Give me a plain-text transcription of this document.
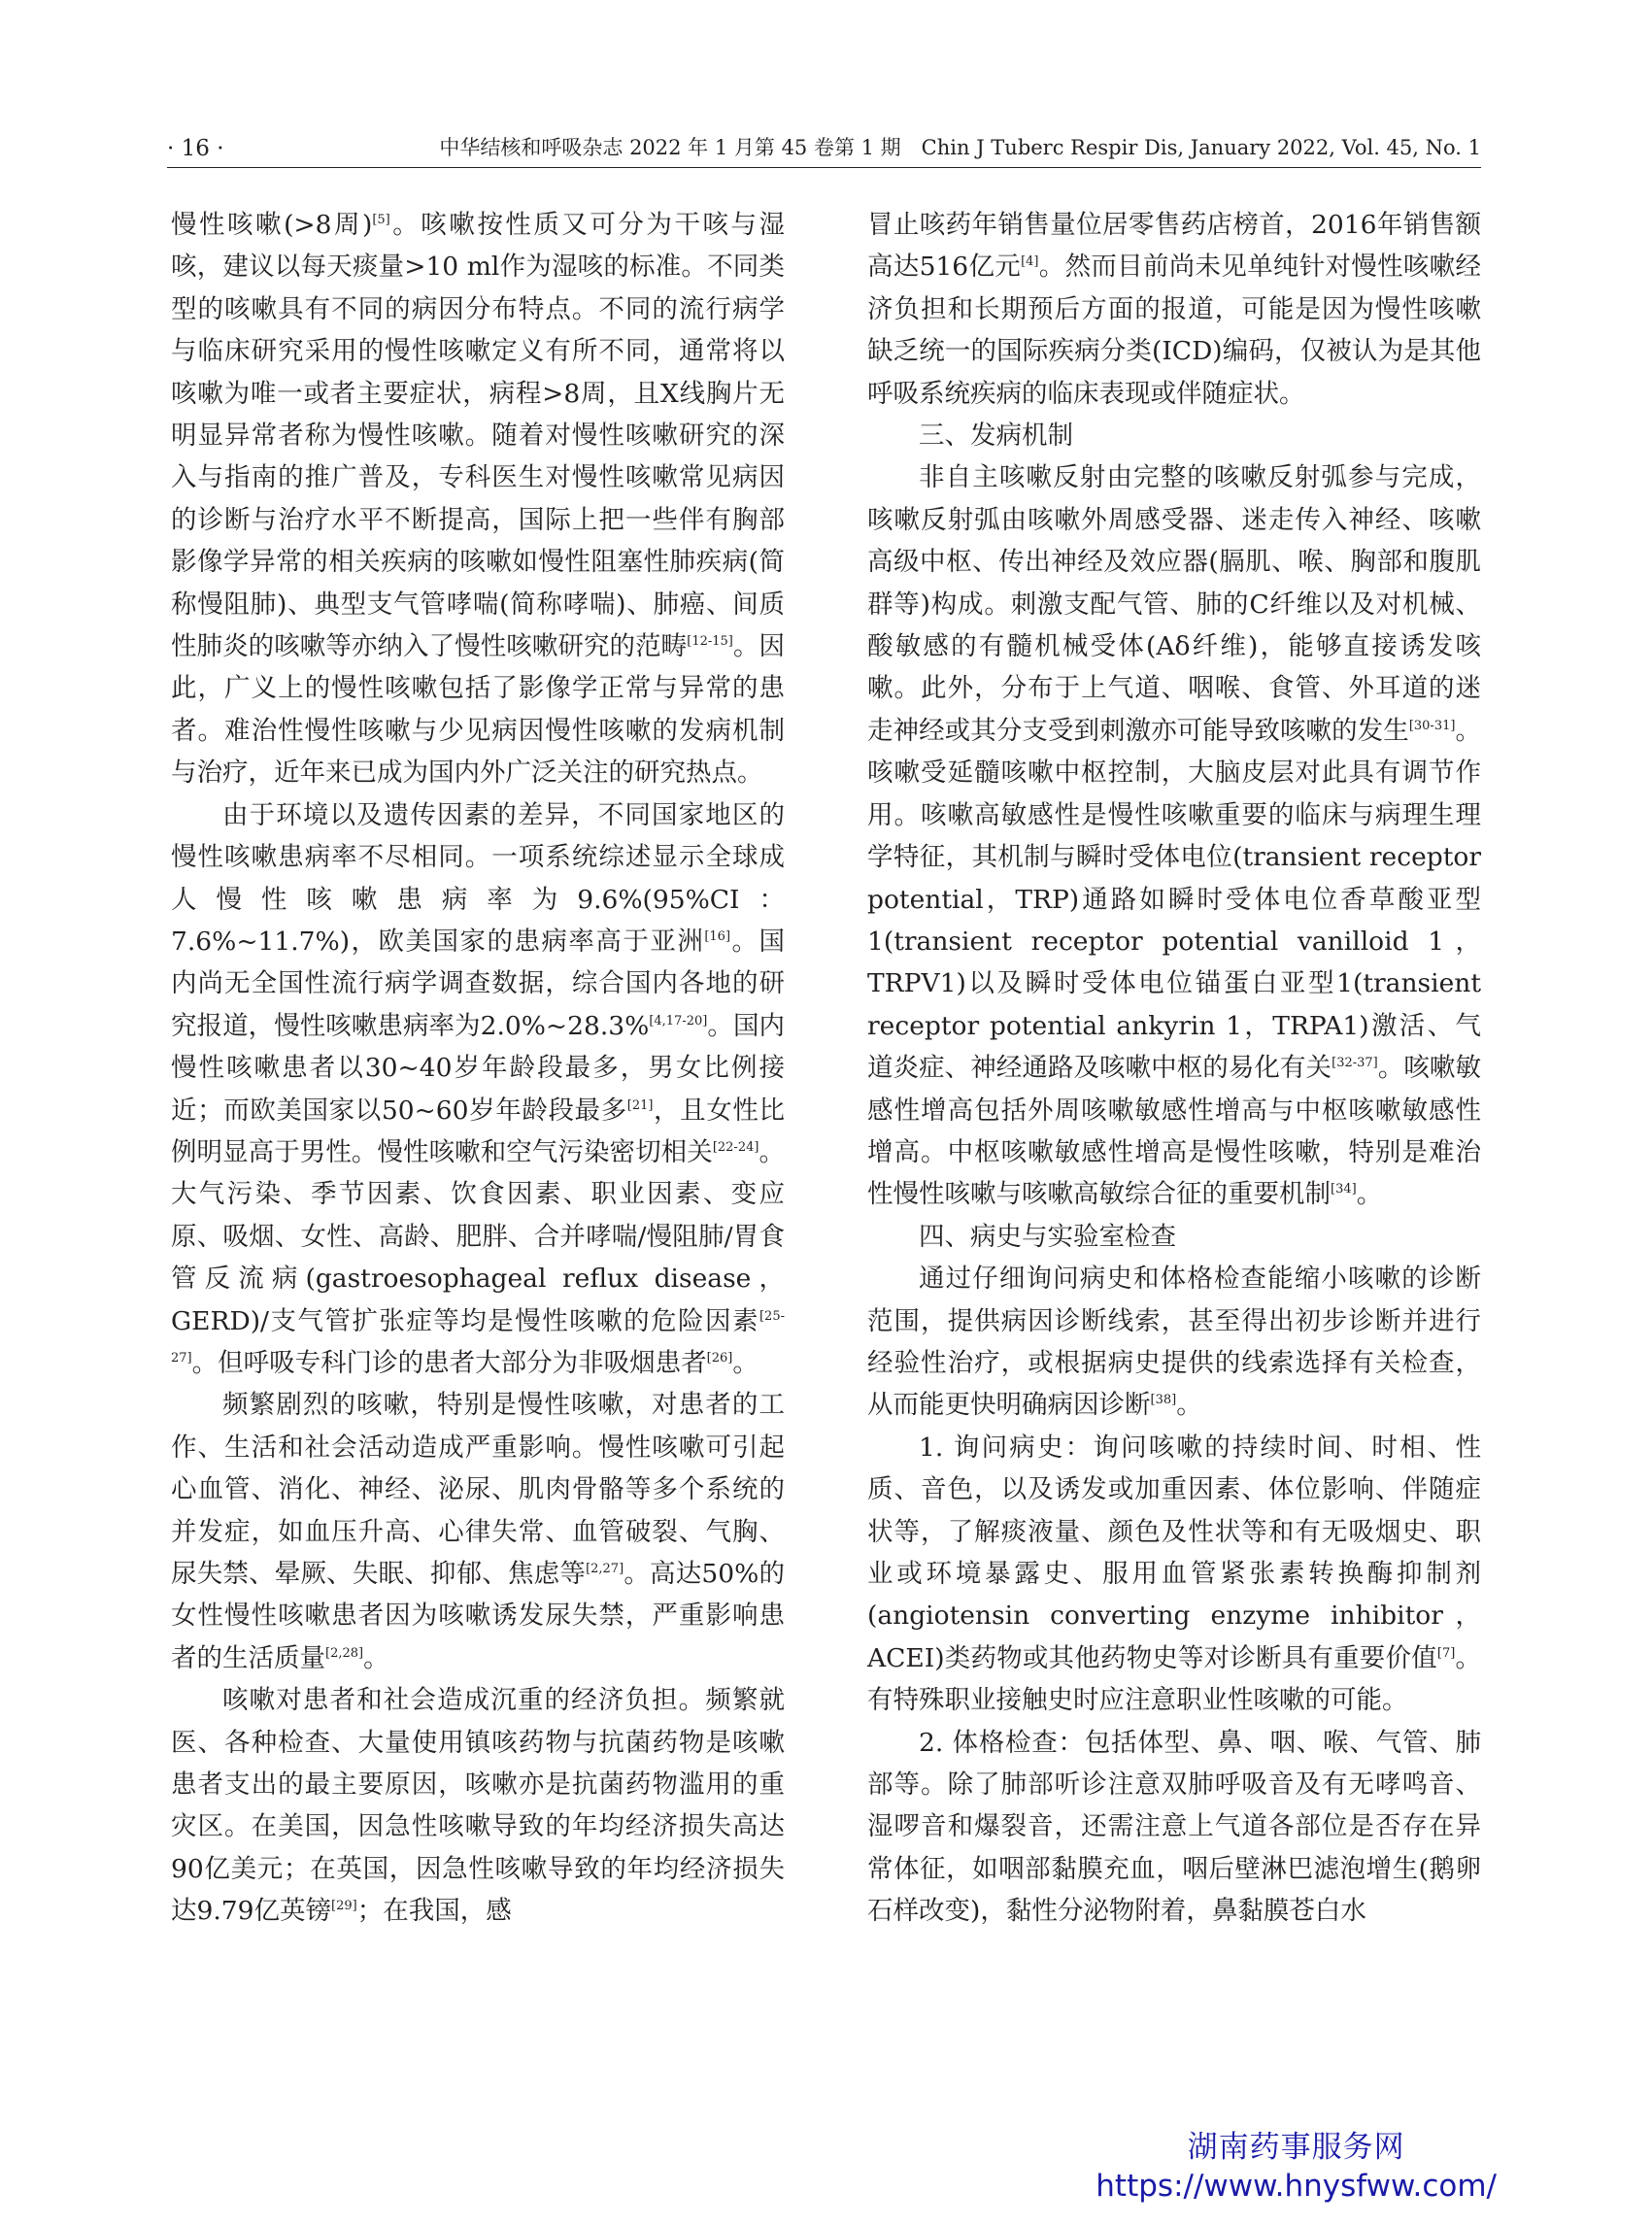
· 16 ·	中华结核和呼吸杂志 2022 年 1 月第 45 卷第 1 期　Chin J Tuberc Respir Dis, January 2022, Vol. 45, No. 1

慢性咳嗽(>8周)[5]。咳嗽按性质又可分为干咳与湿咳，建议以每天痰量>10 ml作为湿咳的标准。不同类型的咳嗽具有不同的病因分布特点。不同的流行病学与临床研究采用的慢性咳嗽定义有所不同，通常将以咳嗽为唯一或者主要症状，病程>8周，且X线胸片无明显异常者称为慢性咳嗽。随着对慢性咳嗽研究的深入与指南的推广普及，专科医生对慢性咳嗽常见病因的诊断与治疗水平不断提高，国际上把一些伴有胸部影像学异常的相关疾病的咳嗽如慢性阻塞性肺疾病(简称慢阻肺)、典型支气管哮喘(简称哮喘)、肺癌、间质性肺炎的咳嗽等亦纳入了慢性咳嗽研究的范畴[12-15]。因此，广义上的慢性咳嗽包括了影像学正常与异常的患者。难治性慢性咳嗽与少见病因慢性咳嗽的发病机制与治疗，近年来已成为国内外广泛关注的研究热点。

由于环境以及遗传因素的差异，不同国家地区的慢性咳嗽患病率不尽相同。一项系统综述显示全球成人慢性咳嗽患病率为9.6%(95%CI：7.6%~11.7%)，欧美国家的患病率高于亚洲[16]。国内尚无全国性流行病学调查数据，综合国内各地的研究报道，慢性咳嗽患病率为2.0%~28.3%[4,17-20]。国内慢性咳嗽患者以30~40岁年龄段最多，男女比例接近；而欧美国家以50~60岁年龄段最多[21]，且女性比例明显高于男性。慢性咳嗽和空气污染密切相关[22-24]。大气污染、季节因素、饮食因素、职业因素、变应原、吸烟、女性、高龄、肥胖、合并哮喘/慢阻肺/胃食管反流病(gastroesophageal reflux disease，GERD)/支气管扩张症等均是慢性咳嗽的危险因素[25-27]。但呼吸专科门诊的患者大部分为非吸烟患者[26]。

频繁剧烈的咳嗽，特别是慢性咳嗽，对患者的工作、生活和社会活动造成严重影响。慢性咳嗽可引起心血管、消化、神经、泌尿、肌肉骨骼等多个系统的并发症，如血压升高、心律失常、血管破裂、气胸、尿失禁、晕厥、失眠、抑郁、焦虑等[2,27]。高达50%的女性慢性咳嗽患者因为咳嗽诱发尿失禁，严重影响患者的生活质量[2,28]。

咳嗽对患者和社会造成沉重的经济负担。频繁就医、各种检查、大量使用镇咳药物与抗菌药物是咳嗽患者支出的最主要原因，咳嗽亦是抗菌药物滥用的重灾区。在美国，因急性咳嗽导致的年均经济损失高达90亿美元；在英国，因急性咳嗽导致的年均经济损失达9.79亿英镑[29]；在我国，感

冒止咳药年销售量位居零售药店榜首，2016年销售额高达516亿元[4]。然而目前尚未见单纯针对慢性咳嗽经济负担和长期预后方面的报道，可能是因为慢性咳嗽缺乏统一的国际疾病分类(ICD)编码，仅被认为是其他呼吸系统疾病的临床表现或伴随症状。

三、发病机制

非自主咳嗽反射由完整的咳嗽反射弧参与完成，咳嗽反射弧由咳嗽外周感受器、迷走传入神经、咳嗽高级中枢、传出神经及效应器(膈肌、喉、胸部和腹肌群等)构成。刺激支配气管、肺的C纤维以及对机械、酸敏感的有髓机械受体(Aδ纤维)，能够直接诱发咳嗽。此外，分布于上气道、咽喉、食管、外耳道的迷走神经或其分支受到刺激亦可能导致咳嗽的发生[30-31]。咳嗽受延髓咳嗽中枢控制，大脑皮层对此具有调节作用。咳嗽高敏感性是慢性咳嗽重要的临床与病理生理学特征，其机制与瞬时受体电位(transient receptor potential，TRP)通路如瞬时受体电位香草酸亚型1(transient receptor potential vanilloid 1，TRPV1)以及瞬时受体电位锚蛋白亚型1(transient receptor potential ankyrin 1，TRPA1)激活、气道炎症、神经通路及咳嗽中枢的易化有关[32-37]。咳嗽敏感性增高包括外周咳嗽敏感性增高与中枢咳嗽敏感性增高。中枢咳嗽敏感性增高是慢性咳嗽，特别是难治性慢性咳嗽与咳嗽高敏综合征的重要机制[34]。

四、病史与实验室检查

通过仔细询问病史和体格检查能缩小咳嗽的诊断范围，提供病因诊断线索，甚至得出初步诊断并进行经验性治疗，或根据病史提供的线索选择有关检查，从而能更快明确病因诊断[38]。

1. 询问病史：询问咳嗽的持续时间、时相、性质、音色，以及诱发或加重因素、体位影响、伴随症状等，了解痰液量、颜色及性状等和有无吸烟史、职业或环境暴露史、服用血管紧张素转换酶抑制剂(angiotensin converting enzyme inhibitor，ACEI)类药物或其他药物史等对诊断具有重要价值[7]。有特殊职业接触史时应注意职业性咳嗽的可能。

2. 体格检查：包括体型、鼻、咽、喉、气管、肺部等。除了肺部听诊注意双肺呼吸音及有无哮鸣音、湿啰音和爆裂音，还需注意上气道各部位是否存在异常体征，如咽部黏膜充血，咽后壁淋巴滤泡增生(鹅卵石样改变)，黏性分泌物附着，鼻黏膜苍白水

湖南药事服务网
https://www.hnysfww.com/
